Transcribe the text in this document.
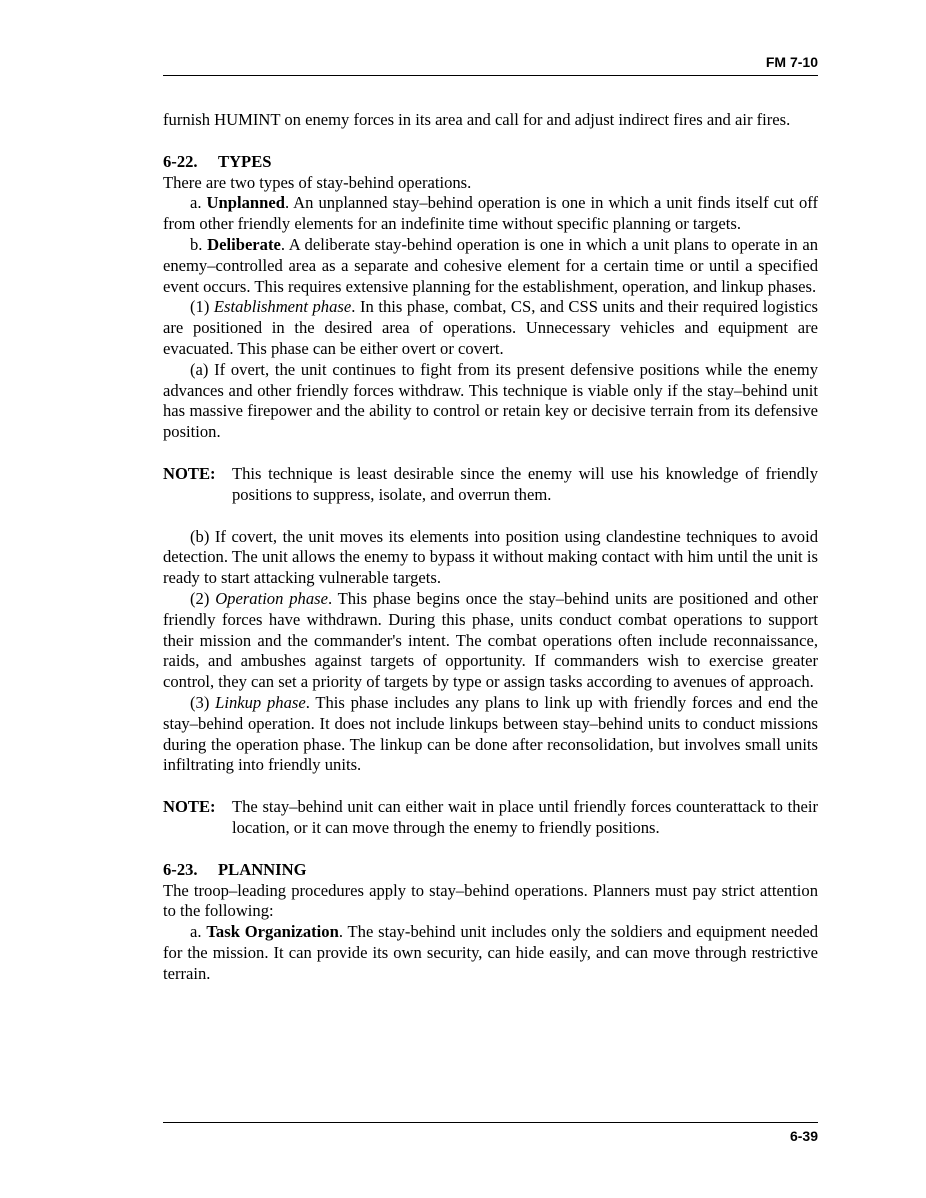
FM 7-10

furnish HUMINT on enemy forces in its area and call for and adjust indirect fires and air fires.

6-22. TYPES

There are two types of stay-behind operations.

a. Unplanned. An unplanned stay–behind operation is one in which a unit finds itself cut off from other friendly elements for an indefinite time without specific planning or targets.

b. Deliberate. A deliberate stay-behind operation is one in which a unit plans to operate in an enemy–controlled area as a separate and cohesive element for a certain time or until a specified event occurs. This requires extensive planning for the establishment, operation, and linkup phases.

(1) Establishment phase. In this phase, combat, CS, and CSS units and their required logistics are positioned in the desired area of operations. Unnecessary vehicles and equipment are evacuated. This phase can be either overt or covert.

(a) If overt, the unit continues to fight from its present defensive positions while the enemy advances and other friendly forces withdraw. This technique is viable only if the stay–behind unit has massive firepower and the ability to control or retain key or decisive terrain from its defensive position.

NOTE: This technique is least desirable since the enemy will use his knowledge of friendly positions to suppress, isolate, and overrun them.

(b) If covert, the unit moves its elements into position using clandestine techniques to avoid detection. The unit allows the enemy to bypass it without making contact with him until the unit is ready to start attacking vulnerable targets.

(2) Operation phase. This phase begins once the stay–behind units are positioned and other friendly forces have withdrawn. During this phase, units conduct combat operations to support their mission and the commander's intent. The combat operations often include reconnaissance, raids, and ambushes against targets of opportunity. If commanders wish to exercise greater control, they can set a priority of targets by type or assign tasks according to avenues of approach.

(3) Linkup phase. This phase includes any plans to link up with friendly forces and end the stay–behind operation. It does not include linkups between stay–behind units to conduct missions during the operation phase. The linkup can be done after reconsolidation, but involves small units infiltrating into friendly units.

NOTE: The stay–behind unit can either wait in place until friendly forces counterattack to their location, or it can move through the enemy to friendly positions.

6-23. PLANNING

The troop–leading procedures apply to stay–behind operations. Planners must pay strict attention to the following:

a. Task Organization. The stay-behind unit includes only the soldiers and equipment needed for the mission. It can provide its own security, can hide easily, and can move through restrictive terrain.

6-39
